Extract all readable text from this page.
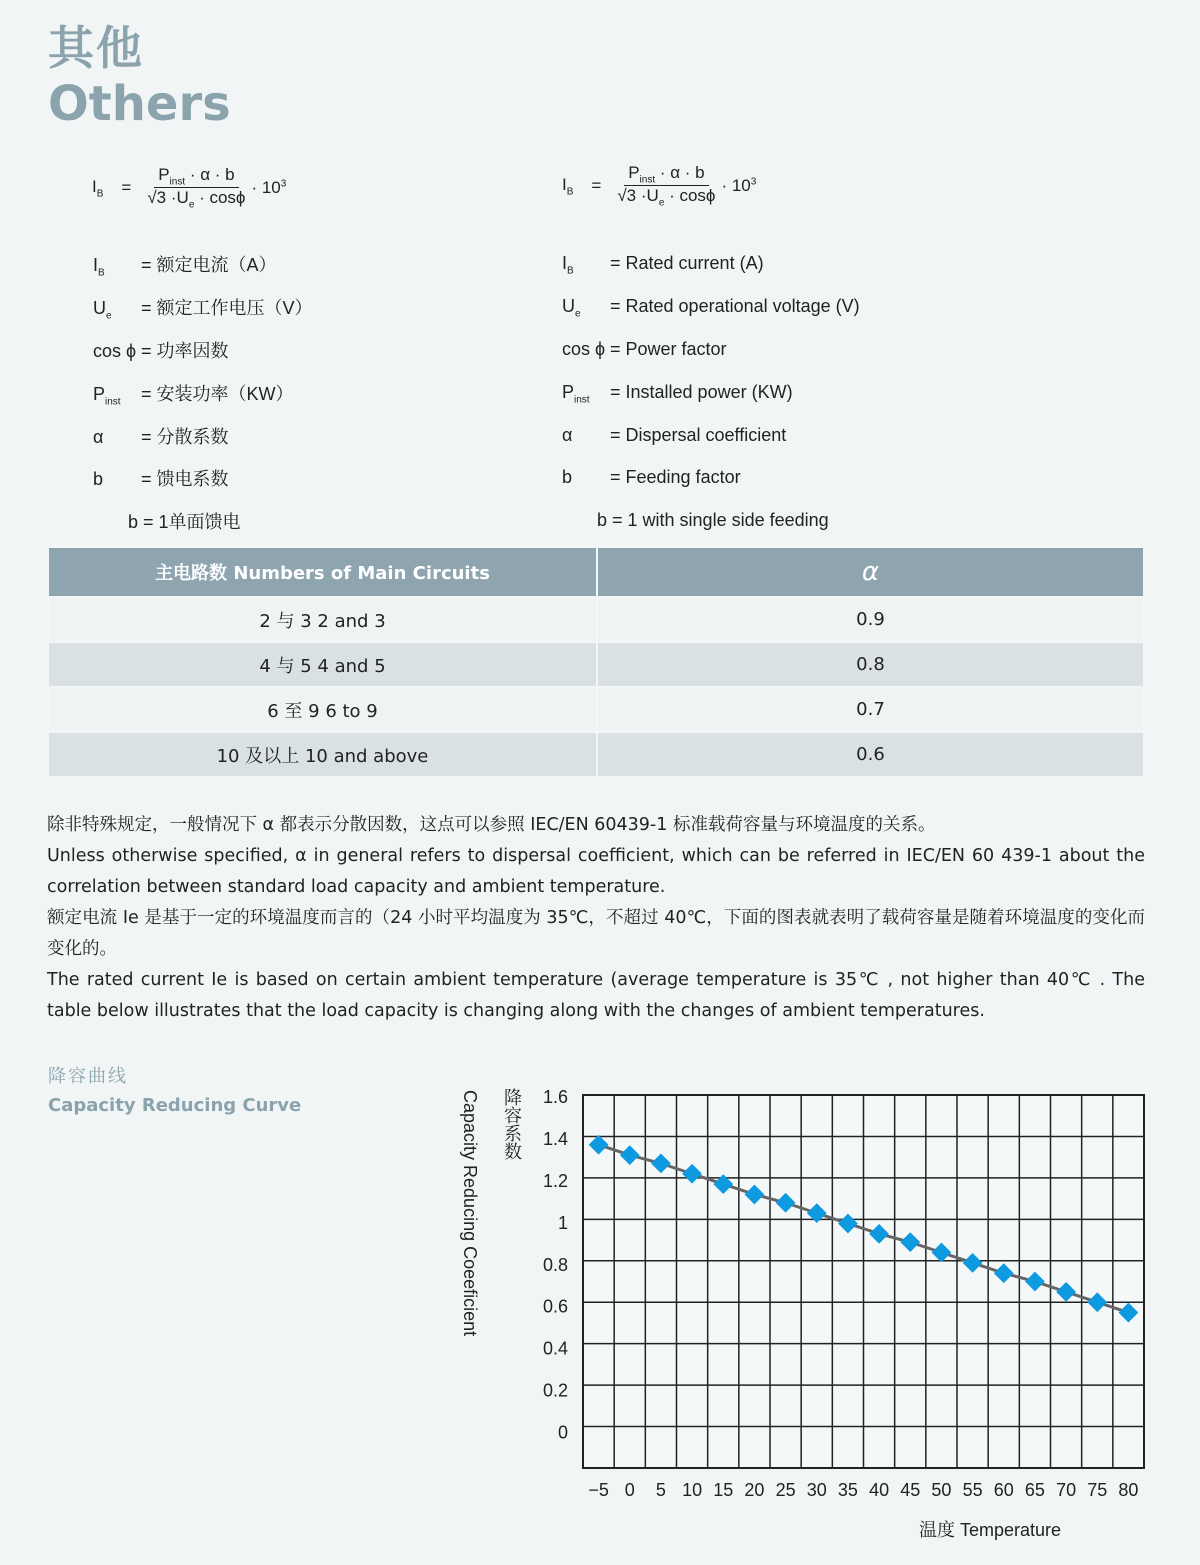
其他
Others
$I_B = \frac{P_{inst} \cdot \alpha \cdot b}{√3 \cdot U_e \cdot \cos\phi} \cdot 10^3$	$I_B = \frac{P_{inst} \cdot \alpha \cdot b}{√3 \cdot U_e \cdot \cos\phi} \cdot 10^3$
$I_B$	= 额定电流（A）
$U_e$	= 额定工作电压（V）
cos ϕ = 功率因数
$P_{inst}$	= 安装功率（KW）
α	= 分散系数
b	= 馈电系数
b = 1单面馈电
$I_B$	= Rated current (A)
$U_e$	= Rated operational voltage (V)
cos ϕ = Power factor
$P_{inst}$	= Installed power (KW)
α	= Dispersal coefficient
b	= Feeding factor
b = 1 with single side feeding
主电路数 Numbers of Main Circuits	α
2 与 3 2 and 3	0.9
4 与 5 4 and 5	0.8
6 至 9 6 to 9	0.7
10 及以上 10 and above	0.6
除非特殊规定，一般情况下 α 都表示分散因数，这点可以参照 IEC/EN 60439-1 标准载荷容量与环境温度的关系。
Unless otherwise specified, α in general refers to dispersal coefficient, which can be referred in IEC/EN 60 439-1 about the correlation between standard load capacity and ambient temperature.
额定电流 Ie 是基于一定的环境温度而言的（24 小时平均温度为 35℃，不超过 40℃，下面的图表就表明了载荷容量是随着环境温度的变化而变化的。
The rated current Ie is based on certain ambient temperature (average temperature is 35℃ , not higher than 40℃ . The table below illustrates that the load capacity is changing along with the changes of ambient temperatures.
降容曲线
Capacity Reducing Curve	1.6
1.4
1.2
1
0.8
0.6
0.4
0.2
0
−5 0 5 10 15 20 25 30 35 40 45 50 55 60 65 70 75 80
Capacity Reducing Coeeficient
温度 Temperature
降容系数
